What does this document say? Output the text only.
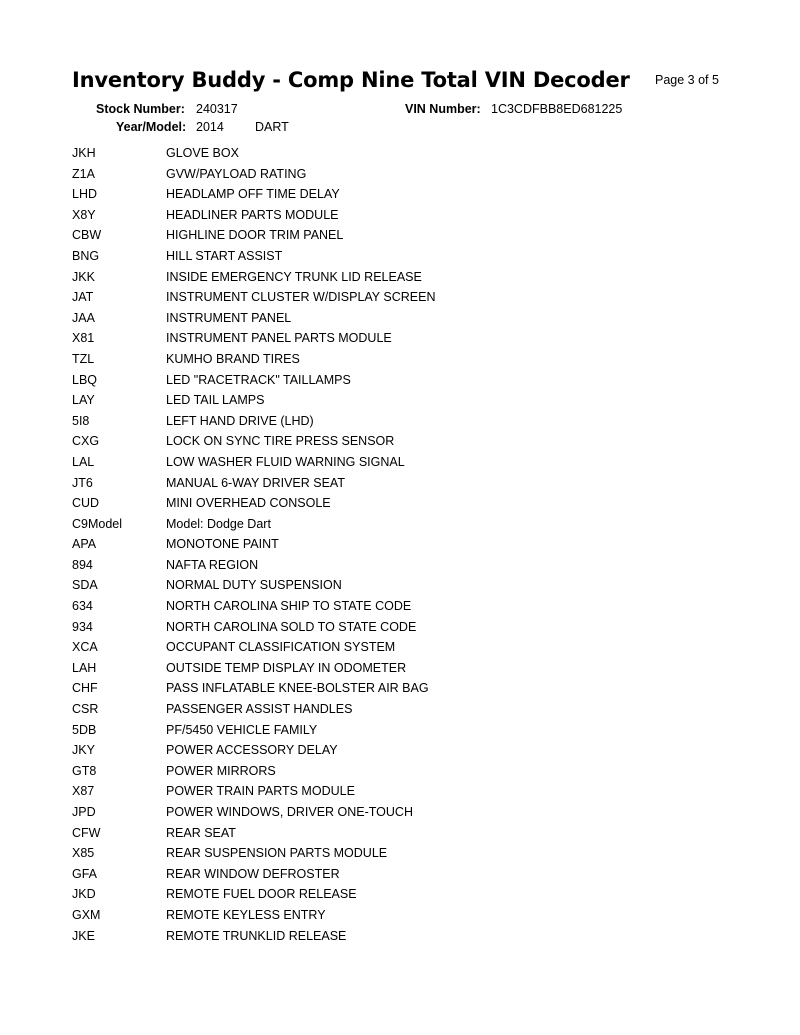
Inventory Buddy - Comp Nine Total VIN Decoder Page 3 of 5
Stock Number: 240317	VIN Number: 1C3CDFBB8ED681225
Year/Model: 2014 DART
JKH	GLOVE BOX
Z1A	GVW/PAYLOAD RATING
LHD	HEADLAMP OFF TIME DELAY
X8Y	HEADLINER PARTS MODULE
CBW	HIGHLINE DOOR TRIM PANEL
BNG	HILL START ASSIST
JKK	INSIDE EMERGENCY TRUNK LID RELEASE
JAT	INSTRUMENT CLUSTER W/DISPLAY SCREEN
JAA	INSTRUMENT PANEL
X81	INSTRUMENT PANEL PARTS MODULE
TZL	KUMHO BRAND TIRES
LBQ	LED "RACETRACK" TAILLAMPS
LAY	LED TAIL LAMPS
5I8	LEFT HAND DRIVE (LHD)
CXG	LOCK ON SYNC TIRE PRESS SENSOR
LAL	LOW WASHER FLUID WARNING SIGNAL
JT6	MANUAL 6-WAY DRIVER SEAT
CUD	MINI OVERHEAD CONSOLE
C9Model	Model: Dodge Dart
APA	MONOTONE PAINT
894	NAFTA REGION
SDA	NORMAL DUTY SUSPENSION
634	NORTH CAROLINA SHIP TO STATE CODE
934	NORTH CAROLINA SOLD TO STATE CODE
XCA	OCCUPANT CLASSIFICATION SYSTEM
LAH	OUTSIDE TEMP DISPLAY IN ODOMETER
CHF	PASS INFLATABLE KNEE-BOLSTER AIR BAG
CSR	PASSENGER ASSIST HANDLES
5DB	PF/5450 VEHICLE FAMILY
JKY	POWER ACCESSORY DELAY
GT8	POWER MIRRORS
X87	POWER TRAIN PARTS MODULE
JPD	POWER WINDOWS, DRIVER ONE-TOUCH
CFW	REAR SEAT
X85	REAR SUSPENSION PARTS MODULE
GFA	REAR WINDOW DEFROSTER
JKD	REMOTE FUEL DOOR RELEASE
GXM	REMOTE KEYLESS ENTRY
JKE	REMOTE TRUNKLID RELEASE
